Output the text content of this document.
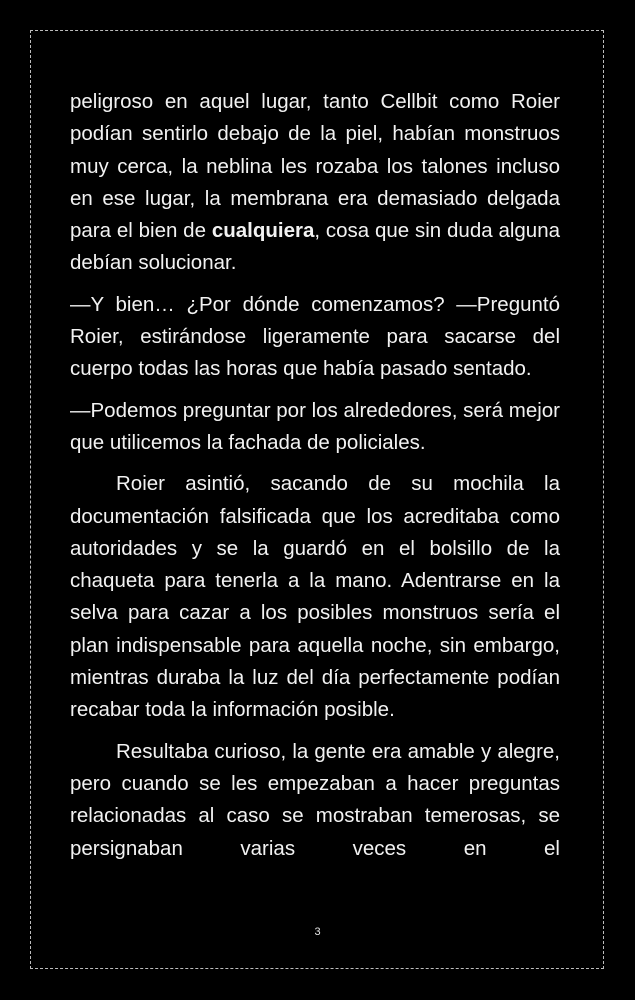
peligroso en aquel lugar, tanto Cellbit como Roier podían sentirlo debajo de la piel, habían monstruos muy cerca, la neblina les rozaba los talones incluso en ese lugar, la membrana era demasiado delgada para el bien de cualquiera, cosa que sin duda alguna debían solucionar.

—Y bien… ¿Por dónde comenzamos? —Preguntó Roier, estirándose ligeramente para sacarse del cuerpo todas las horas que había pasado sentado.

—Podemos preguntar por los alrededores, será mejor que utilicemos la fachada de policiales.

Roier asintió, sacando de su mochila la documentación falsificada que los acreditaba como autoridades y se la guardó en el bolsillo de la chaqueta para tenerla a la mano. Adentrarse en la selva para cazar a los posibles monstruos sería el plan indispensable para aquella noche, sin embargo, mientras duraba la luz del día perfectamente podían recabar toda la información posible.

Resultaba curioso, la gente era amable y alegre, pero cuando se les empezaban a hacer preguntas relacionadas al caso se mostraban temerosas, se persignaban varias veces en el

3
